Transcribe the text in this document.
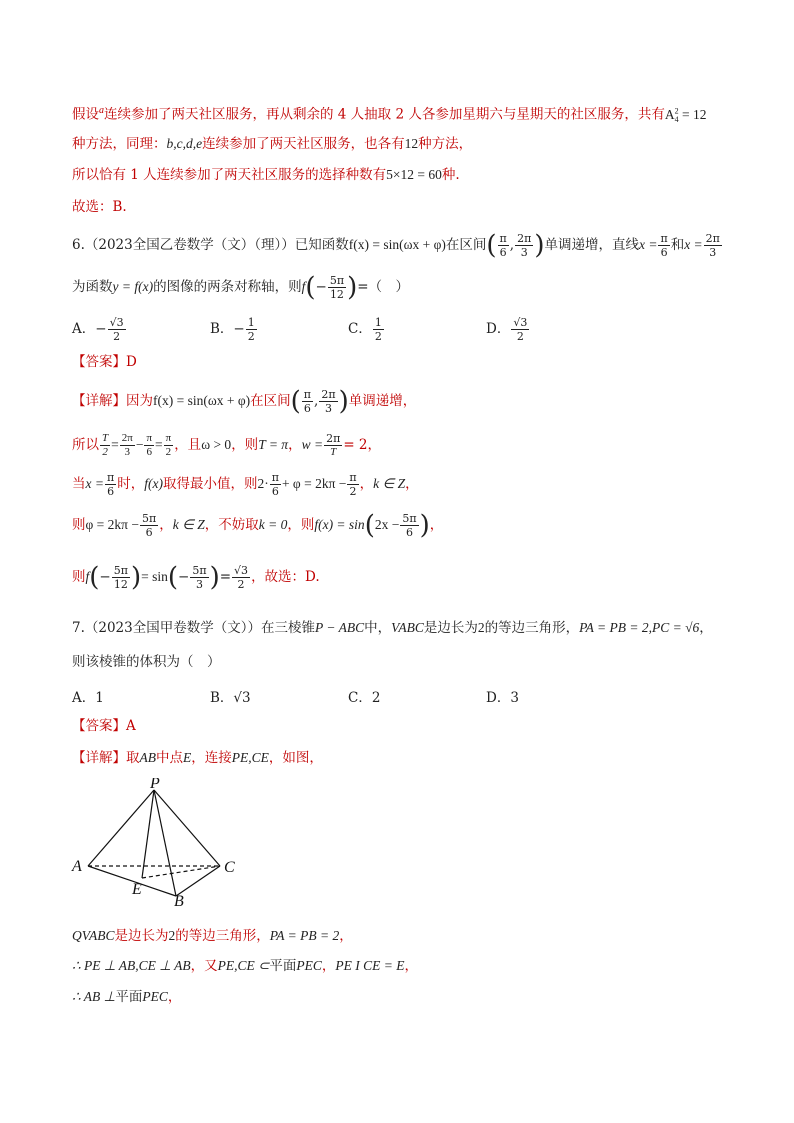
假设$^a$连续参加了两天社区服务，再从剩余的 4 人抽取 2 人各参加星期六与星期天的社区服务，共有$A^2_4 = 12$
种方法，同理：b,c,d,e连续参加了两天社区服务，也各有12种方法，
所以恰有 1 人连续参加了两天社区服务的选择种数有5×12 = 60种.
故选：B.
6.（2023全国乙卷数学（文）（理））已知函数f(x) = sin(ωx + φ)在区间( $\frac{\pi}{6}$ , $\frac{2\pi}{3}$ )单调递增，直线$x = \frac{\pi}{6}$ 和$x = \frac{2\pi}{3}$
为函数y = f(x)的图像的两条对称轴，则$f(- \frac{5\pi}{12}$ )=（　）
A．− $\frac{√3}{2}$	B．− $\frac{1}{2}$	C． $\frac{1}{2}$	D． $\frac{√3}{2}$
【答案】D
【详解】因为f(x) = sin(ωx + φ)在区间( $\frac{\pi}{6}$ , $\frac{2\pi}{3}$ )单调递增，
所以 $\frac{T}{2} = \frac{2\pi}{3} - \frac{\pi}{6} = \frac{\pi}{2}$ ，且ω > 0，则T = π，$w = \frac{2\pi}{T} = 2$，
当$x = \frac{\pi}{6}$ 时，f(x)取得最小值，则$2\cdot \frac{\pi}{6} + \varphi = 2k\pi - \frac{\pi}{2}$ ，k ∈ Z，
则$\varphi = 2k\pi - \frac{5\pi}{6}$ ，k ∈ Z，不妨取k = 0，则$f(x) = \sin(2x - \frac{5\pi}{6}$ )，
则$f(- \frac{5\pi}{12}$ )= $\sin(- \frac{5\pi}{3}$ )= $\frac{√3}{2}$ ，故选：D.
7.（2023全国甲卷数学（文））在三棱锥P − ABC中，VABC是边长为2的等边三角形，PA = PB = 2,PC = √6，
则该棱锥的体积为（　）
A．1	B．√3	C．2	D．3
【答案】A
【详解】取AB中点E，连接PE,CE，如图，
P
A	C
E
B
QVABC是边长为2的等边三角形，PA = PB = 2，
∴ PE ⊥ AB,CE ⊥ AB，又PE,CE ⊂平面PEC，PE I CE = E，
∴ AB ⊥平面PEC，
